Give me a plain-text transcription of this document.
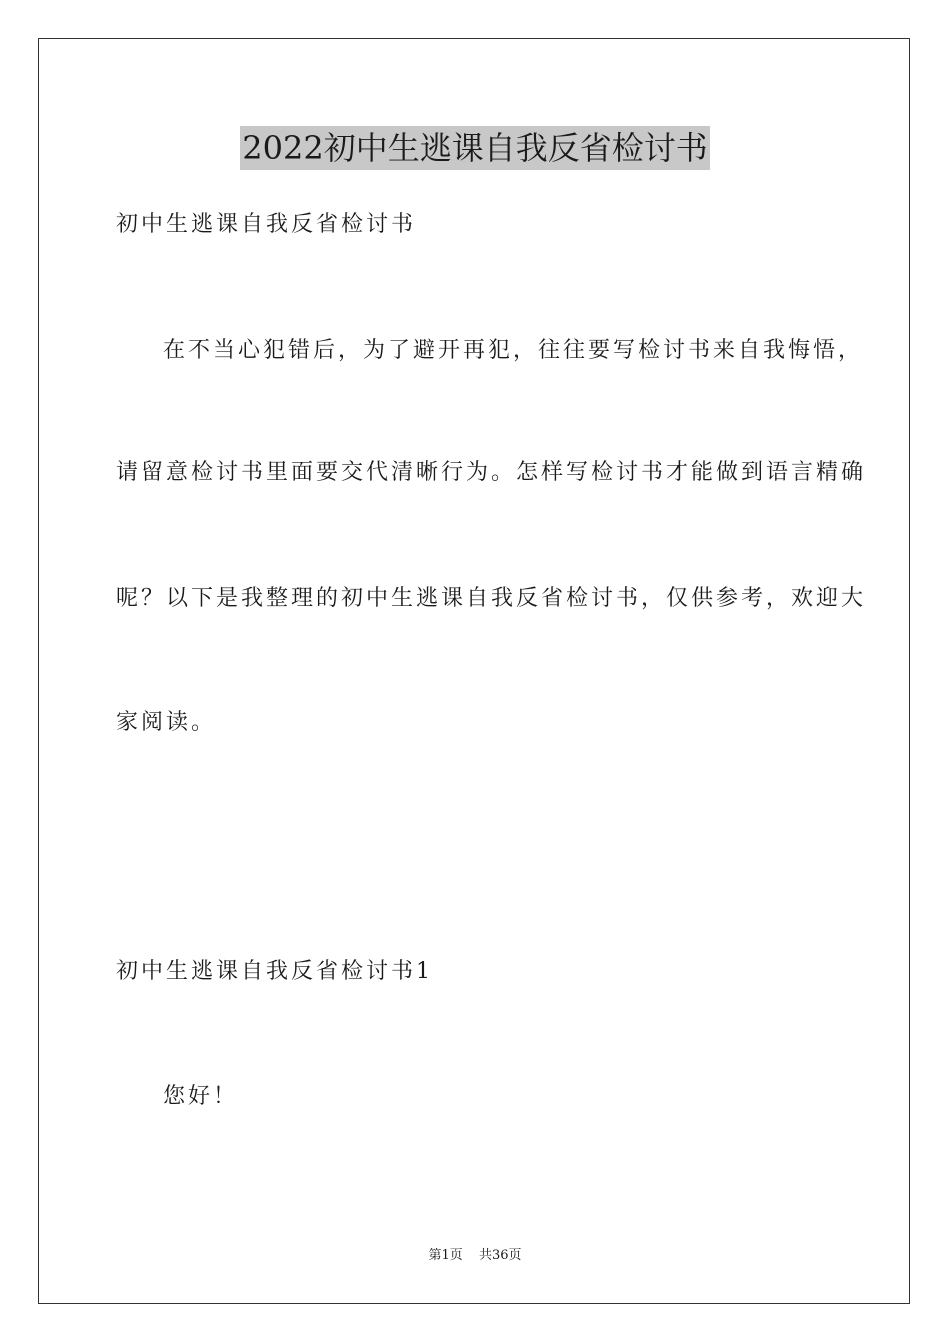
2022初中生逃课自我反省检讨书
初中生逃课自我反省检讨书
在不当心犯错后，为了避开再犯，往往要写检讨书来自我悔悟，
请留意检讨书里面要交代清晰行为。怎样写检讨书才能做到语言精确
呢？以下是我整理的初中生逃课自我反省检讨书，仅供参考，欢迎大
家阅读。
初中生逃课自我反省检讨书1
您好！
第1页 共36页
